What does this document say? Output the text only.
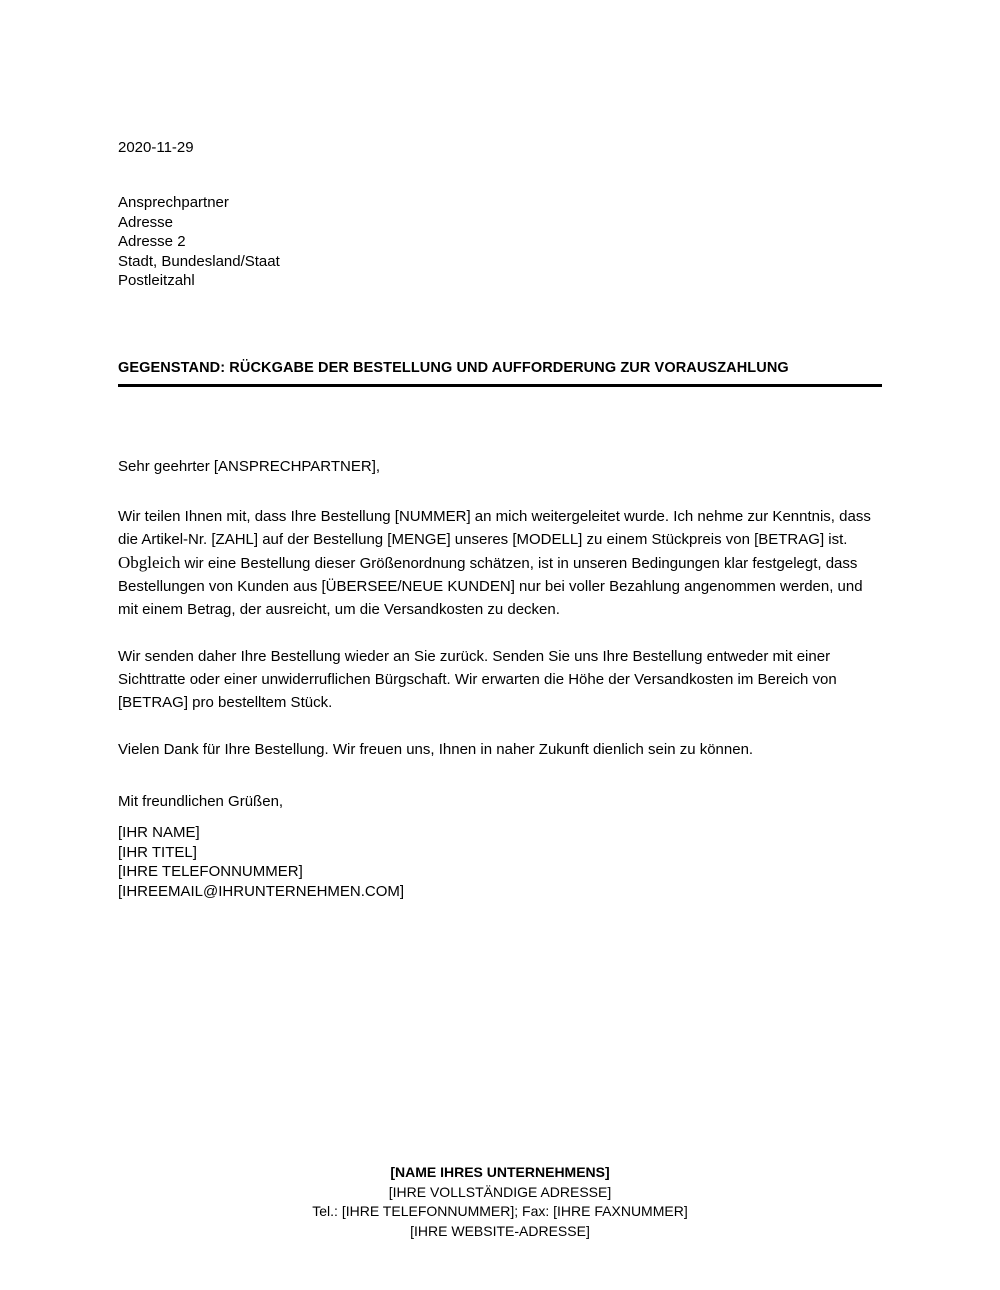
2020-11-29
Ansprechpartner
Adresse
Adresse 2
Stadt, Bundesland/Staat
Postleitzahl
GEGENSTAND: RÜCKGABE DER BESTELLUNG UND AUFFORDERUNG ZUR VORAUSZAHLUNG

Sehr geehrter [ANSPRECHPARTNER],

Wir teilen Ihnen mit, dass Ihre Bestellung [NUMMER] an mich weitergeleitet wurde. Ich nehme zur Kenntnis, dass die Artikel-Nr. [ZAHL] auf der Bestellung [MENGE] unseres [MODELL] zu einem Stückpreis von [BETRAG] ist. Obgleich wir eine Bestellung dieser Größenordnung schätzen, ist in unseren Bedingungen klar festgelegt, dass Bestellungen von Kunden aus [ÜBERSEE/NEUE KUNDEN] nur bei voller Bezahlung angenommen werden, und mit einem Betrag, der ausreicht, um die Versandkosten zu decken.

Wir senden daher Ihre Bestellung wieder an Sie zurück. Senden Sie uns Ihre Bestellung entweder mit einer Sichttratte oder einer unwiderruflichen Bürgschaft. Wir erwarten die Höhe der Versandkosten im Bereich von [BETRAG] pro bestelltem Stück.

Vielen Dank für Ihre Bestellung. Wir freuen uns, Ihnen in naher Zukunft dienlich sein zu können.

Mit freundlichen Grüßen,

[IHR NAME]
[IHR TITEL]
[IHRE TELEFONNUMMER]
[IHREEMAIL@IHRUNTERNEHMEN.COM]
[NAME IHRES UNTERNEHMENS]
[IHRE VOLLSTÄNDIGE ADRESSE]
Tel.: [IHRE TELEFONNUMMER]; Fax: [IHRE FAXNUMMER]
[IHRE WEBSITE-ADRESSE]
